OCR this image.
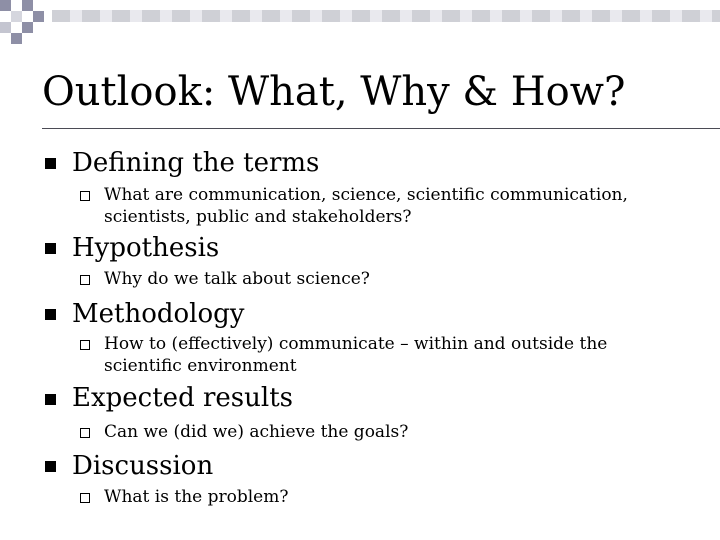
Outlook: What, Why & How?
Defining the terms
What are communication, science, scientific communication, scientists, public and stakeholders?
Hypothesis
Why do we talk about science?
Methodology
How to (effectively) communicate – within and outside the scientific environment
Expected results
Can we (did we) achieve the goals?
Discussion
What is the problem?
